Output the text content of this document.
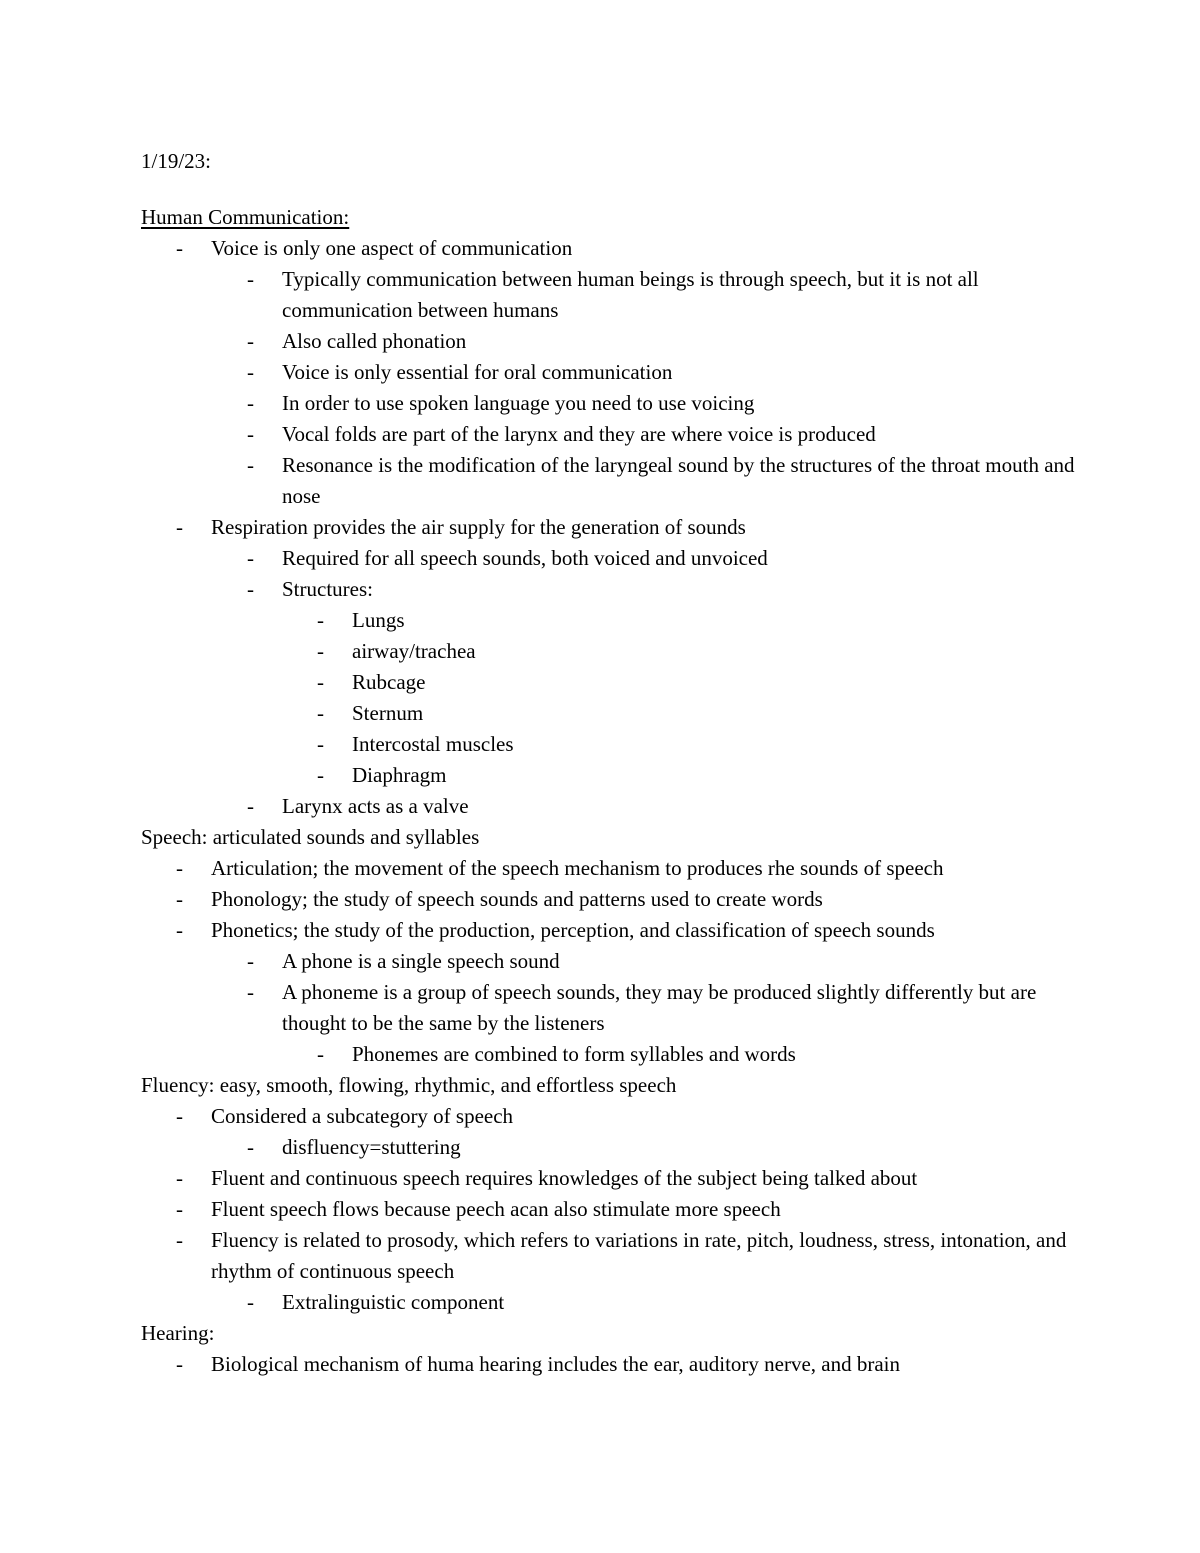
1/19/23:
Human Communication:
- Voice is only one aspect of communication
- Typically communication between human beings is through speech, but it is not all communication between humans
- Also called phonation
- Voice is only essential for oral communication
- In order to use spoken language you need to use voicing
- Vocal folds are part of the larynx and they are where voice is produced
- Resonance is the modification of the laryngeal sound by the structures of the throat mouth and nose
- Respiration provides the air supply for the generation of sounds
- Required for all speech sounds, both voiced and unvoiced
- Structures:
- Lungs
- airway/trachea
- Rubcage
- Sternum
- Intercostal muscles
- Diaphragm
- Larynx acts as a valve
Speech: articulated sounds and syllables
- Articulation; the movement of the speech mechanism to produces rhe sounds of speech
- Phonology; the study of speech sounds and patterns used to create words
- Phonetics; the study of the production, perception, and classification of speech sounds
- A phone is a single speech sound
- A phoneme is a group of speech sounds, they may be produced slightly differently but are thought to be the same by the listeners
- Phonemes are combined to form syllables and words
Fluency: easy, smooth, flowing, rhythmic, and effortless speech
- Considered a subcategory of speech
- disfluency=stuttering
- Fluent and continuous speech requires knowledges of the subject being talked about
- Fluent speech flows because peech acan also stimulate more speech
- Fluency is related to prosody, which refers to variations in rate, pitch, loudness, stress, intonation, and rhythm of continuous speech
- Extralinguistic component
Hearing:
- Biological mechanism of huma hearing includes the ear, auditory nerve, and brain
